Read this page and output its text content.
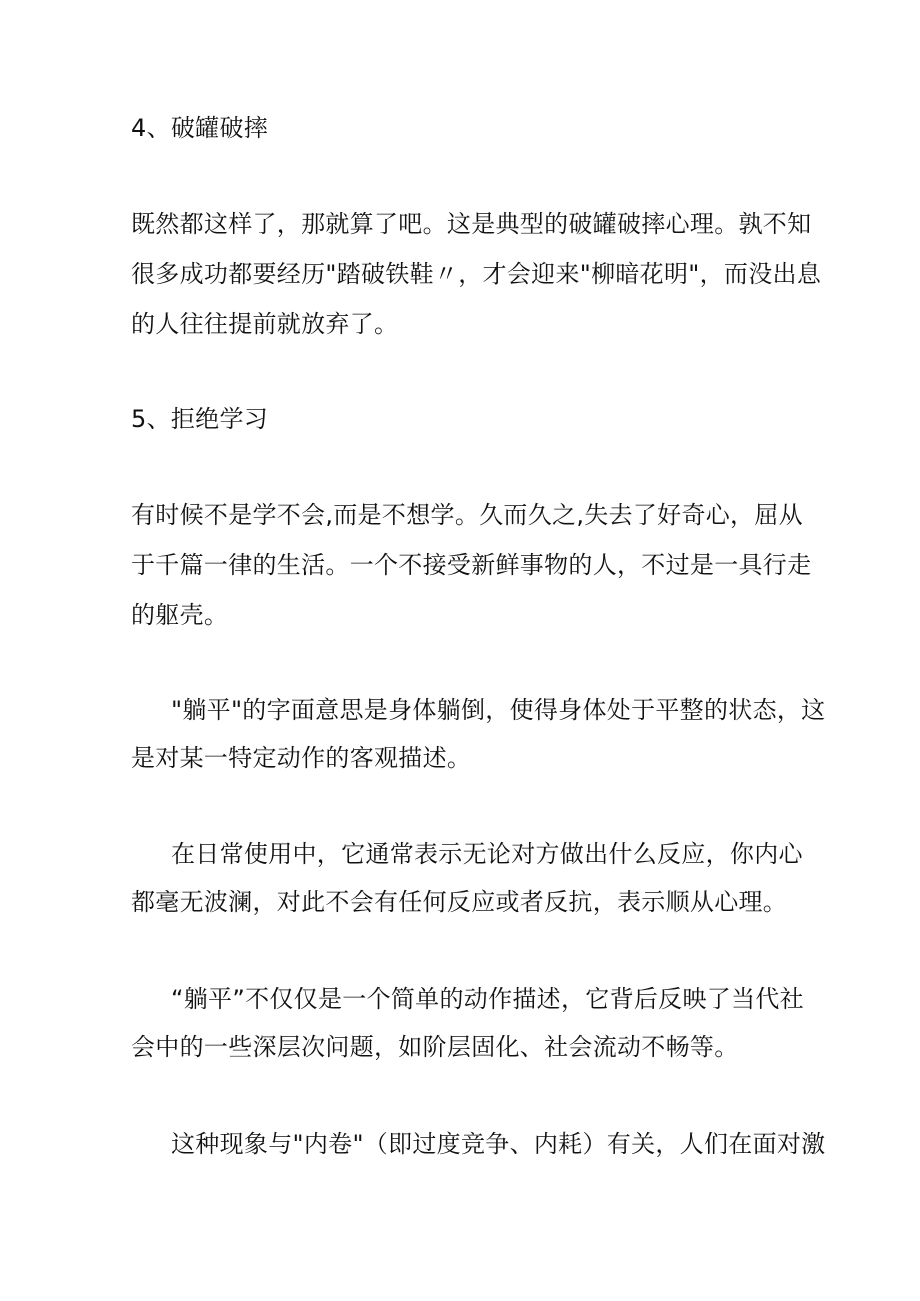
4、破罐破摔
既然都这样了，那就算了吧。这是典型的破罐破摔心理。孰不知
很多成功都要经历"踏破铁鞋〃，才会迎来"柳暗花明"，而没出息
的人往往提前就放弃了。
5、拒绝学习
有时候不是学不会,而是不想学。久而久之,失去了好奇心，屈从
于千篇一律的生活。一个不接受新鲜事物的人，不过是一具行走
的躯壳。
"躺平"的字面意思是身体躺倒，使得身体处于平整的状态，这
是对某一特定动作的客观描述。
在日常使用中，它通常表示无论对方做出什么反应，你内心
都毫无波澜，对此不会有任何反应或者反抗，表示顺从心理。
“躺平”不仅仅是一个简单的动作描述，它背后反映了当代社
会中的一些深层次问题，如阶层固化、社会流动不畅等。
这种现象与"内卷"（即过度竞争、内耗）有关，人们在面对激
